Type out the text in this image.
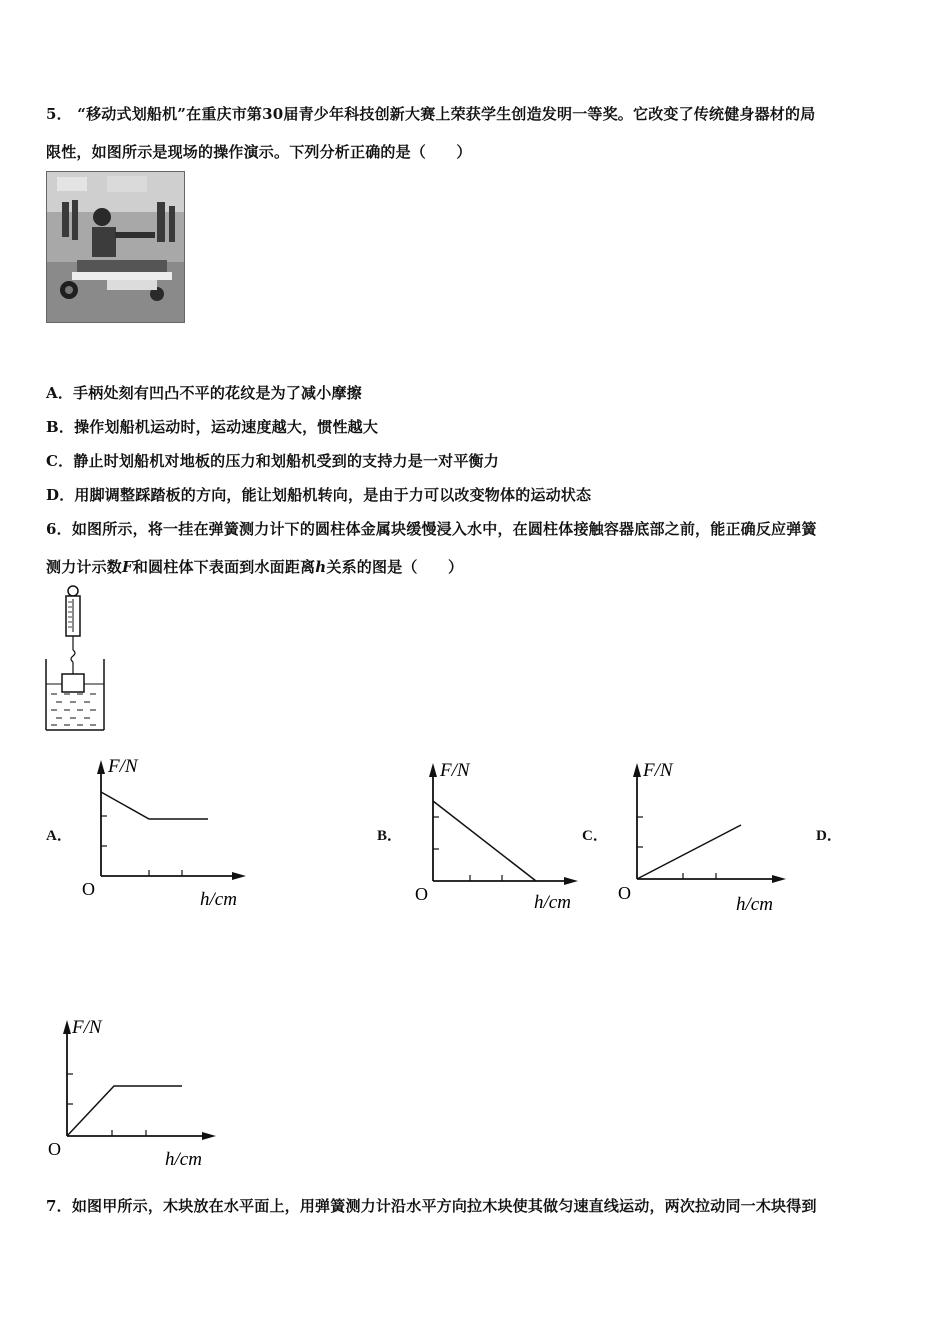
5． “移动式划船机”在重庆市第30届青少年科技创新大赛上荣获学生创造发明一等奖。它改变了传统健身器材的局
限性，如图所示是现场的操作演示。下列分析正确的是（　　）
A．手柄处刻有凹凸不平的花纹是为了减小摩擦
B．操作划船机运动时，运动速度越大，惯性越大
C．静止时划船机对地板的压力和划船机受到的支持力是一对平衡力
D．用脚调整踩踏板的方向，能让划船机转向，是由于力可以改变物体的运动状态
6．如图所示，将一挂在弹簧测力计下的圆柱体金属块缓慢浸入水中，在圆柱体接触容器底部之前，能正确反应弹簧
测力计示数F和圆柱体下表面到水面距离h关系的图是（　　）
A．	B．	C．	D．
F/N
O	h/cm
F/N
O	h/cm
F/N
O
h/cm
F/N
O	h/cm
7．如图甲所示，木块放在水平面上，用弹簧测力计沿水平方向拉木块使其做匀速直线运动，两次拉动同一木块得到
